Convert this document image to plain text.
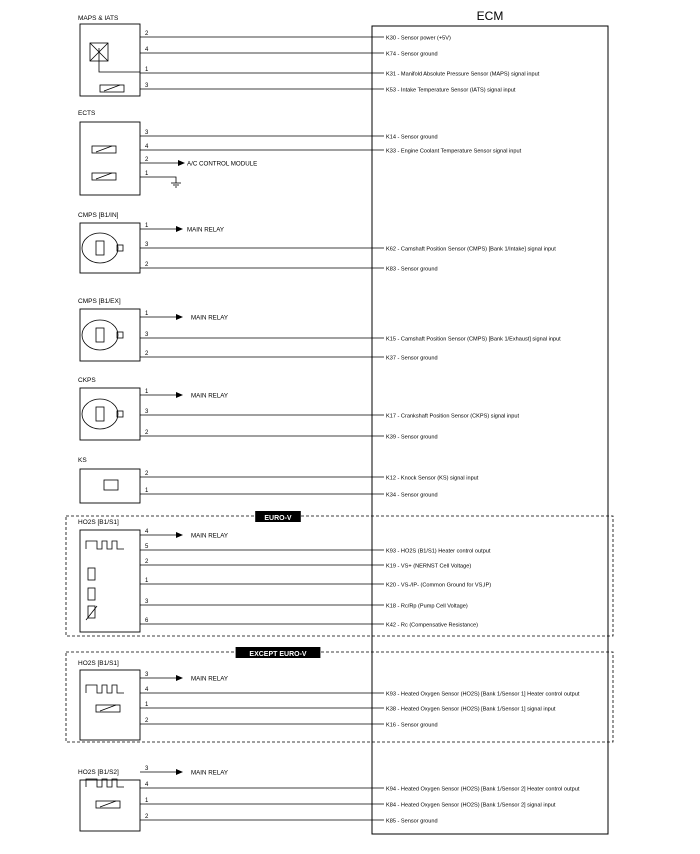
EURO-V
EXCEPT EURO-V
MAPS & IATS
2
K30 - Sensor power (+5V)
4
K74 - Sensor ground
1
K31 - Manifold Absolute Pressure Sensor (MAPS) signal input
3
K53 - Intake Temperature Sensor (IATS) signal input
ECTS
3
K14 - Sensor ground
4
K33 - Engine Coolant Temperature Sensor signal input
2
A/C CONTROL MODULE
1
CMPS [B1/IN]
1
MAIN RELAY
3
K62 - Camshaft Position Sensor (CMPS) [Bank 1/Intake] signal input
2
K83 - Sensor ground
CMPS [B1/EX]
1
MAIN RELAY
3
K15 - Camshaft Position Sensor (CMPS) [Bank 1/Exhaust] signal input
2
K37 - Sensor ground
CKPS
1
MAIN RELAY
3
K17 - Crankshaft Position Sensor (CKPS) signal input
2
K39 - Sensor ground
KS
2
K12 - Knock Sensor (KS) signal input
1
K34 - Sensor ground
HO2S [B1/S1]
4
MAIN RELAY
5
K93 - HO2S (B1/S1) Heater control output
2
K19 - VS+ (NERNST Cell Voltage)
1
K20 - VS-/IP- (Common Ground for VS,IP)
3
K18 - Rc/Rp (Pump Cell Voltage)
6
K42 - Rc (Compensative Resistance)
HO2S [B1/S1]
3
MAIN RELAY
4
K93 - Heated Oxygen Sensor (HO2S) [Bank 1/Sensor 1] Heater control output
1
K38 - Heated Oxygen Sensor (HO2S) [Bank 1/Sensor 1] signal input
2
K16 - Sensor ground
HO2S [B1/S2]	3
MAIN RELAY
4
K94 - Heated Oxygen Sensor (HO2S) [Bank 1/Sensor 2] Heater control output
1
K84 - Heated Oxygen Sensor (HO2S) [Bank 1/Sensor 2] signal input
2
K85 - Sensor ground
ECM
